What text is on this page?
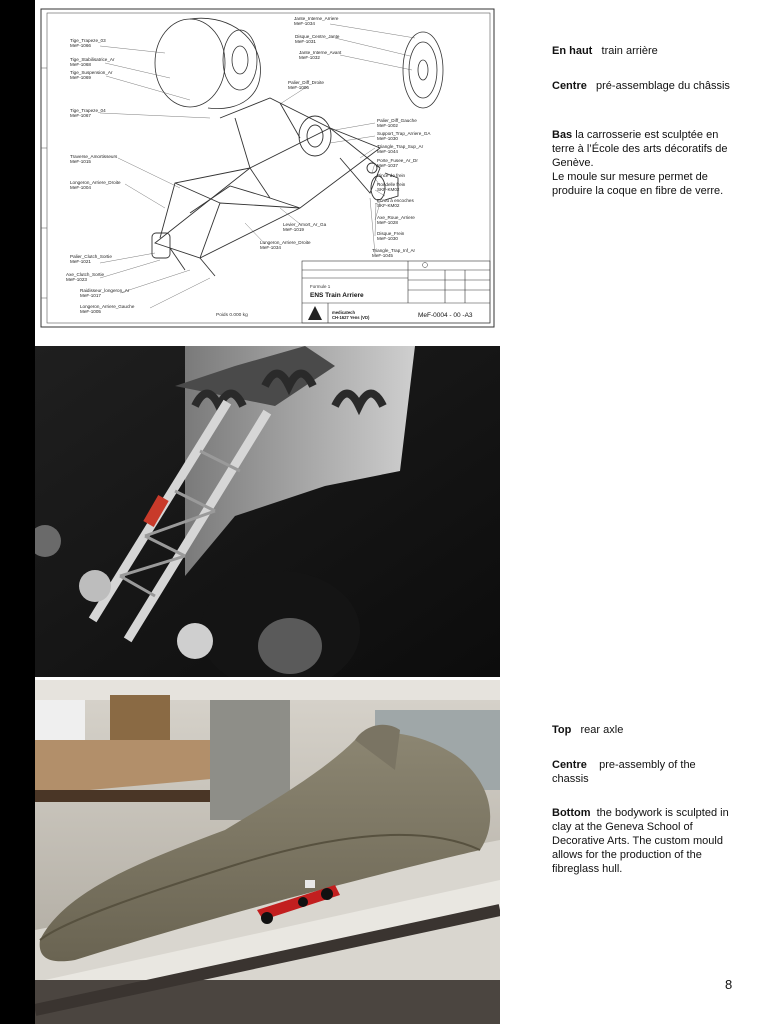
Tige_Trapeze_03
MeF-1066
Tige_Stabilisatrice_Ar
MeF-1068
Tige_Suspension_Ar
MeF-1069
Tige_Trapeze_04
MeF-1067
Traverse_Amortisseurs
MeF-1015
Longeron_Arriere_Droite
MeF-1004
Palier_Clutch_Sortie
MeF-1021
Axe_Clutch_Sortie
MeF-1023
Raidisseur_longeron_Ar
MeF-1017
Longeron_Arriere_Gauche
MeF-1005
Jante_Interne_Arriere
MeF-1034
Disque_Centre_Jante
MeF-1031
Jante_Interne_Avant
MeF-1032
Palier_Diff_Droite
MeF-1006
Palier_Diff_Gauche
MeF-1002
Support_Trap_Arriere_GA
MeF-1030
Triangle_Trap_Sup_Ar
MeF-1044
Porte_Fusee_Ar_Dr
MeF-1037
Pince de frein
Rondelle frein
SKF-KM02
Ecrou à encoches
SKF-KM02
Axe_Roue_Arriere
MeF-1028
Disque_Frein
MeF-1030
Levier_Amort_Ar_Ga
MeF-1019
Longeron_Arriere_Droite
MeF-1034
Triangle_Trap_Inf_Ar
MeF-1045
Formule 1
ENS Train Arriere
Poids 0.000 kg
medicatech
CH-1627 Yens (VD)	MeF-0004 - 00 -A3
En haut train arrière
Centre pré-assemblage du châssis
Bas la carrosserie est sculptée en terre à l’École des arts décoratifs de Genève.
Le moule sur mesure permet de produire la coque en fibre de verre.
Top rear axle
Centre pre-assembly of the chassis
Bottom the bodywork is sculpted in clay at the Geneva School of Decorative Arts. The custom mould allows for the production of the fibreglass hull.
8
